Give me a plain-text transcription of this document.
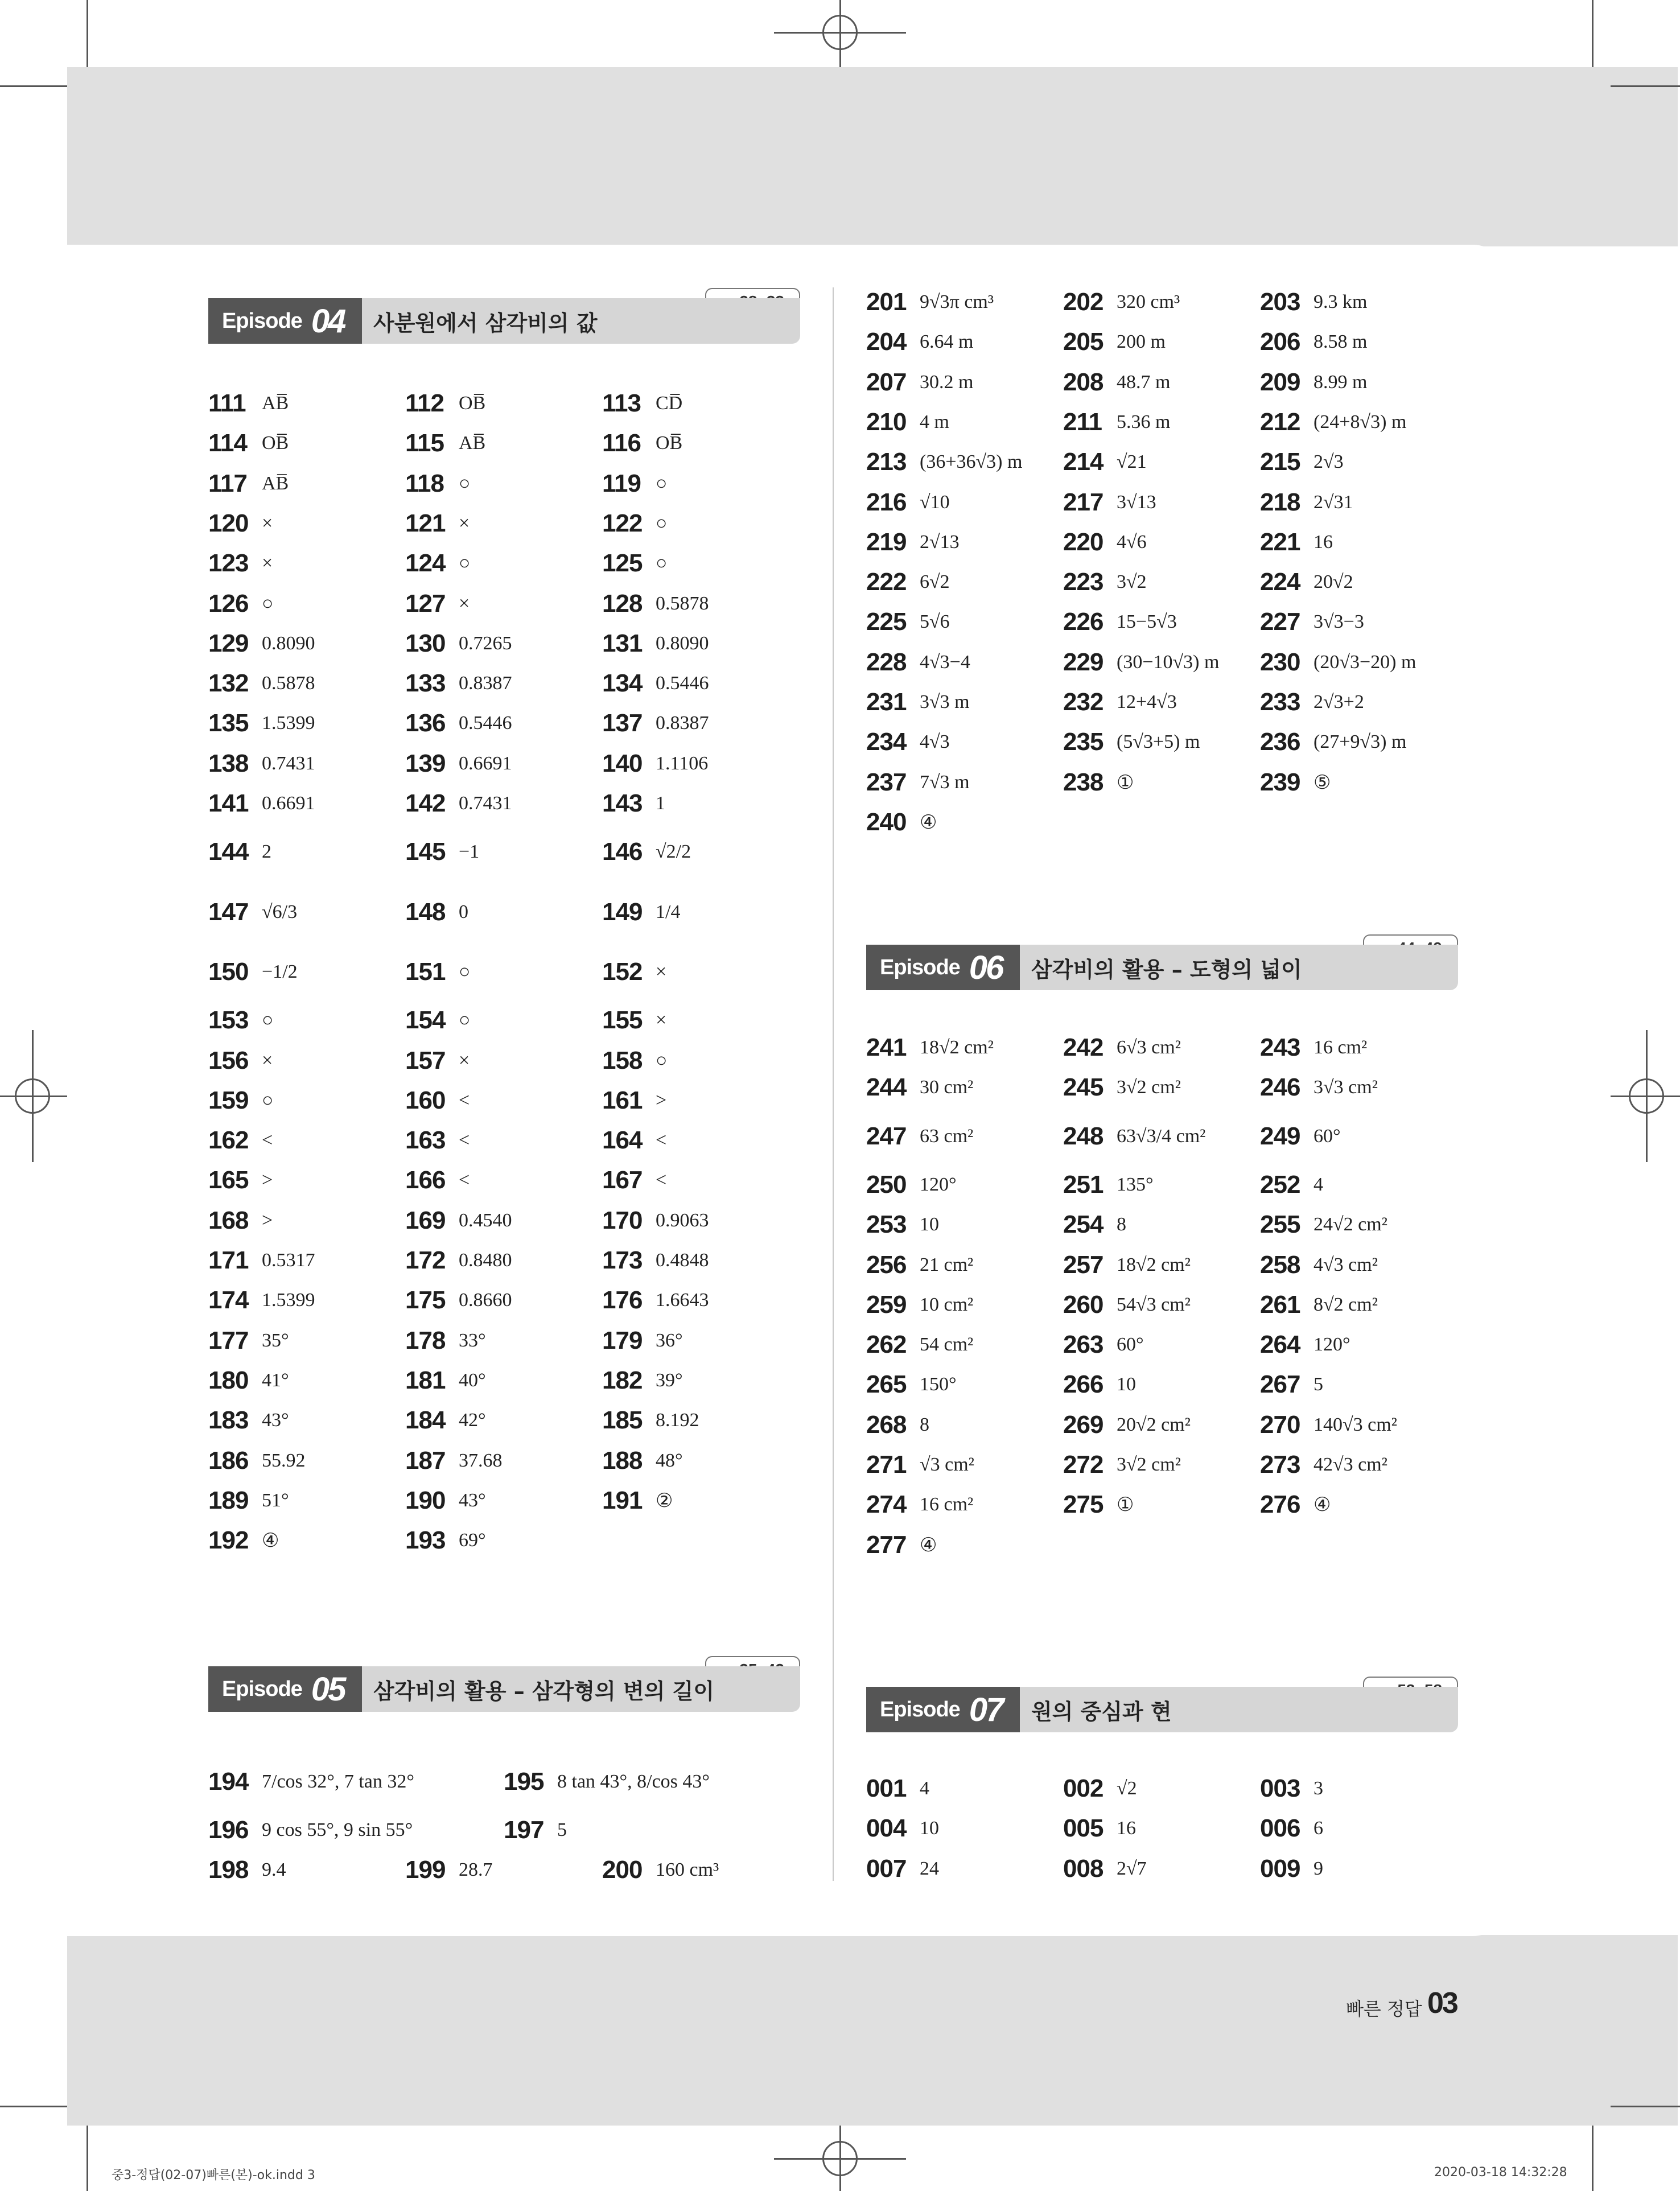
Episode 04 사분원에서 삼각비의 값
Episode 05 삼각비의 활용 – 삼각형의 변의 길이
Episode 06 삼각비의 활용 – 도형의 넓이
Episode 07 원의 중심과 현
111 AB̅	112 OB̅	113 CD̅
114 OB̅	115 AB̅	116 OB̅
117 AB̅	118 ○	119 ○
120 ×	121 ×	122 ○
123 ×	124 ○	125 ○
126 ○	127 ×	128 0.5878
129 0.8090	130 0.7265	131 0.8090
132 0.5878	133 0.8387	134 0.5446
135 1.5399	136 0.5446	137 0.8387
138 0.7431	139 0.6691	140 1.1106
141 0.6691	142 0.7431	143 1
144 2	145 −1	146 √2/2
147 √6/3	148 0	149 1/4
150 −1/2	151 ○	152 ×
153 ○	154 ○	155 ×
156 ×	157 ×	158 ○
159 ○	160 <	161 >
162 <	163 <	164 <
165 >	166 <	167 <
168 >	169 0.4540	170 0.9063
171 0.5317	172 0.8480	173 0.4848
174 1.5399	175 0.8660	176 1.6643
177 35°	178 33°	179 36°
180 41°	181 40°	182 39°
183 43°	184 42°	185 8.192
186 55.92	187 37.68	188 48°
189 51°	190 43°	191 ②
192 ④	193 69°
194 7/cos 32°, 7 tan 32°	195 8 tan 43°, 8/cos 43°
196 9 cos 55°, 9 sin 55°	197 5
198 9.4	199 28.7	200 160 cm³
201 9√3π cm³	202 320 cm³	203 9.3 km
204 6.64 m	205 200 m	206 8.58 m
207 30.2 m	208 48.7 m	209 8.99 m
210 4 m	211 5.36 m	212 (24+8√3) m
213 (36+36√3) m 214 √21	215 2√3
216 √10	217 3√13	218 2√31
219 2√13	220 4√6	221 16
222 6√2	223 3√2	224 20√2
225 5√6	226 15−5√3	227 3√3−3
228 4√3−4	229 (30−10√3) m 230 (20√3−20) m
231 3√3 m	232 12+4√3	233 2√3+2
234 4√3	235 (5√3+5) m 236 (27+9√3) m
237 7√3 m	238 ①	239 ⑤
240 ④
241 18√2 cm²	242 6√3 cm²	243 16 cm²
244 30 cm²	245 3√2 cm²	246 3√3 cm²
247 63 cm²	248 63√3/4 cm² 249 60°
250 120°	251 135°	252 4
253 10	254 8	255 24√2 cm²
256 21 cm²	257 18√2 cm²	258 4√3 cm²
259 10 cm²	260 54√3 cm²	261 8√2 cm²
262 54 cm²	263 60°	264 120°
265 150°	266 10	267 5
268 8	269 20√2 cm²	270 140√3 cm²
271 √3 cm²	272 3√2 cm²	273 42√3 cm²
274 16 cm²	275 ①	276 ④
277 ④
001 4	002 √2	003 3
004 10	005 16	006 6
007 24	008 2√7	009 9
빠른 정답 03
중3-정답(02-07)빠른(본)-ok.indd 3	2020-03-18 14:32:28
